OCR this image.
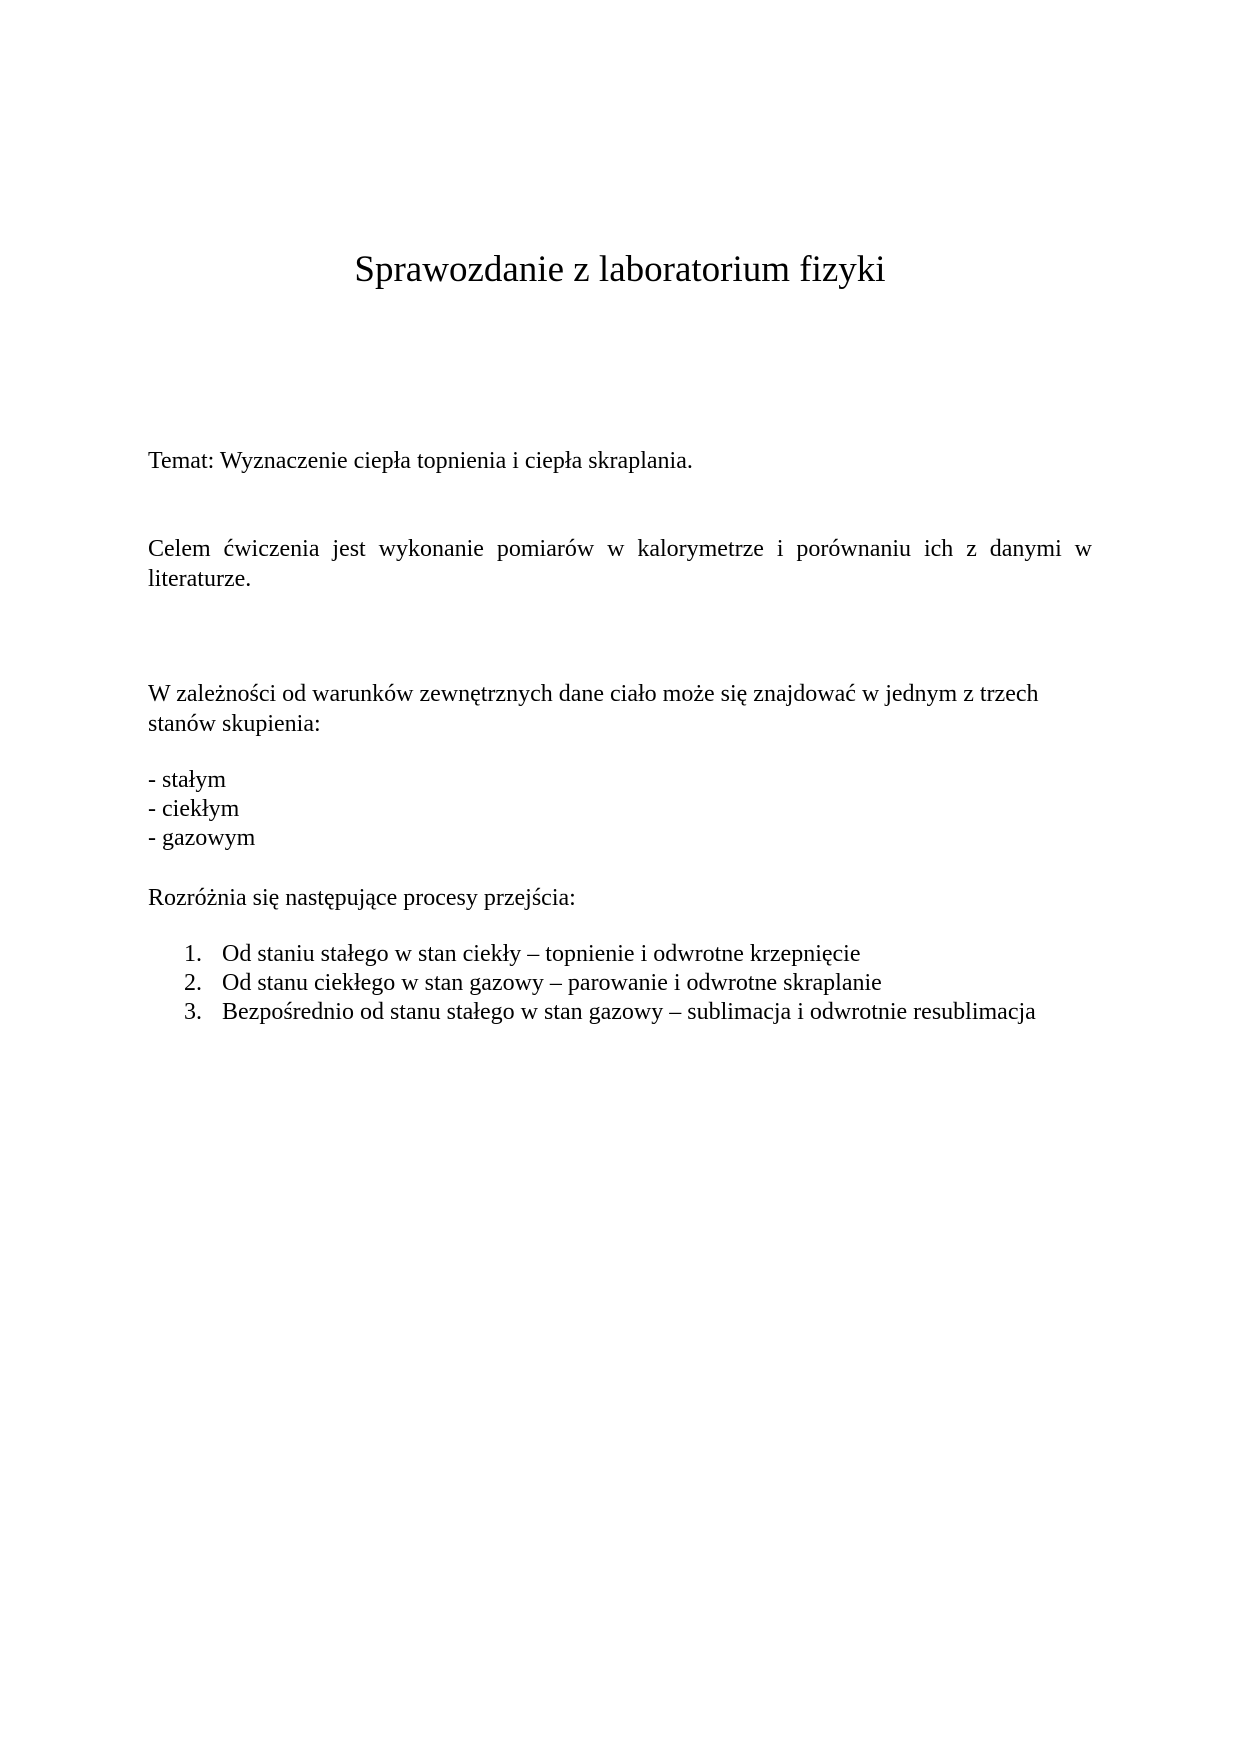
Sprawozdanie z laboratorium fizyki

Temat: Wyznaczenie ciepła topnienia i ciepła skraplania.

Celem ćwiczenia jest wykonanie pomiarów w kalorymetrze i porównaniu ich z danymi w literaturze.

W zależności od warunków zewnętrznych dane ciało może się znajdować w jednym z trzech stanów skupienia:

- stałym
- ciekłym
- gazowym

Rozróżnia się następujące procesy przejścia:

1. Od staniu stałego w stan ciekły – topnienie i odwrotne krzepnięcie
2. Od stanu ciekłego w stan gazowy – parowanie i odwrotne skraplanie
3. Bezpośrednio od stanu stałego w stan gazowy – sublimacja i odwrotnie resublimacja
